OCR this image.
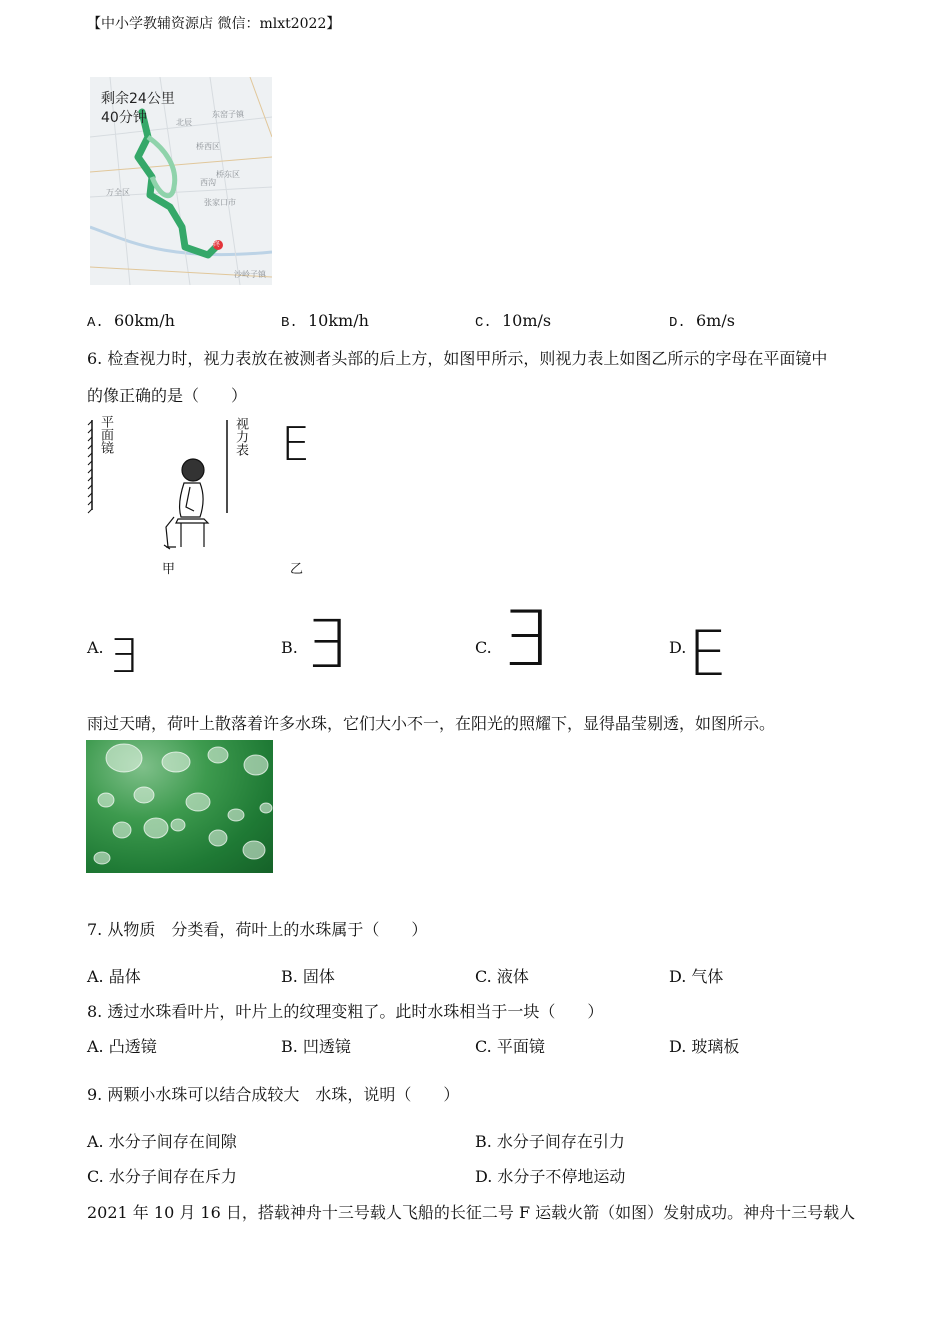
【中小学教辅资源店 微信：mlxt2022】
剩余24公里
40分钟	东窑子镇
桥西区
桥东区
万全区
张家口市
沙岭子镇
北辰
西沟
终
A. 60km/h	B. 10km/h	C. 10m/s	D. 6m/s
6. 检查视力时，视力表放在被测者头部的后上方，如图甲所示，则视力表上如图乙所示的字母在平面镜中
的像正确的是（　　）
平面镜	视力表 E
甲	乙
A. E	B. E	C. E	D. E
雨过天晴，荷叶上散落着许多水珠，它们大小不一，在阳光的照耀下，显得晶莹剔透，如图所示。
7. 从物质　分类看，荷叶上的水珠属于（　　）
A. 晶体	B. 固体	C. 液体	D. 气体
8. 透过水珠看叶片，叶片上的纹理变粗了。此时水珠相当于一块（　　）
A. 凸透镜	B. 凹透镜	C. 平面镜	D. 玻璃板
9. 两颗小水珠可以结合成较大　水珠，说明（　　）
A. 水分子间存在间隙	B. 水分子间存在引力
C. 水分子间存在斥力	D. 水分子不停地运动
2021 年 10 月 16 日，搭载神舟十三号载人飞船的长征二号 F 运载火箭（如图）发射成功。神舟十三号载人
